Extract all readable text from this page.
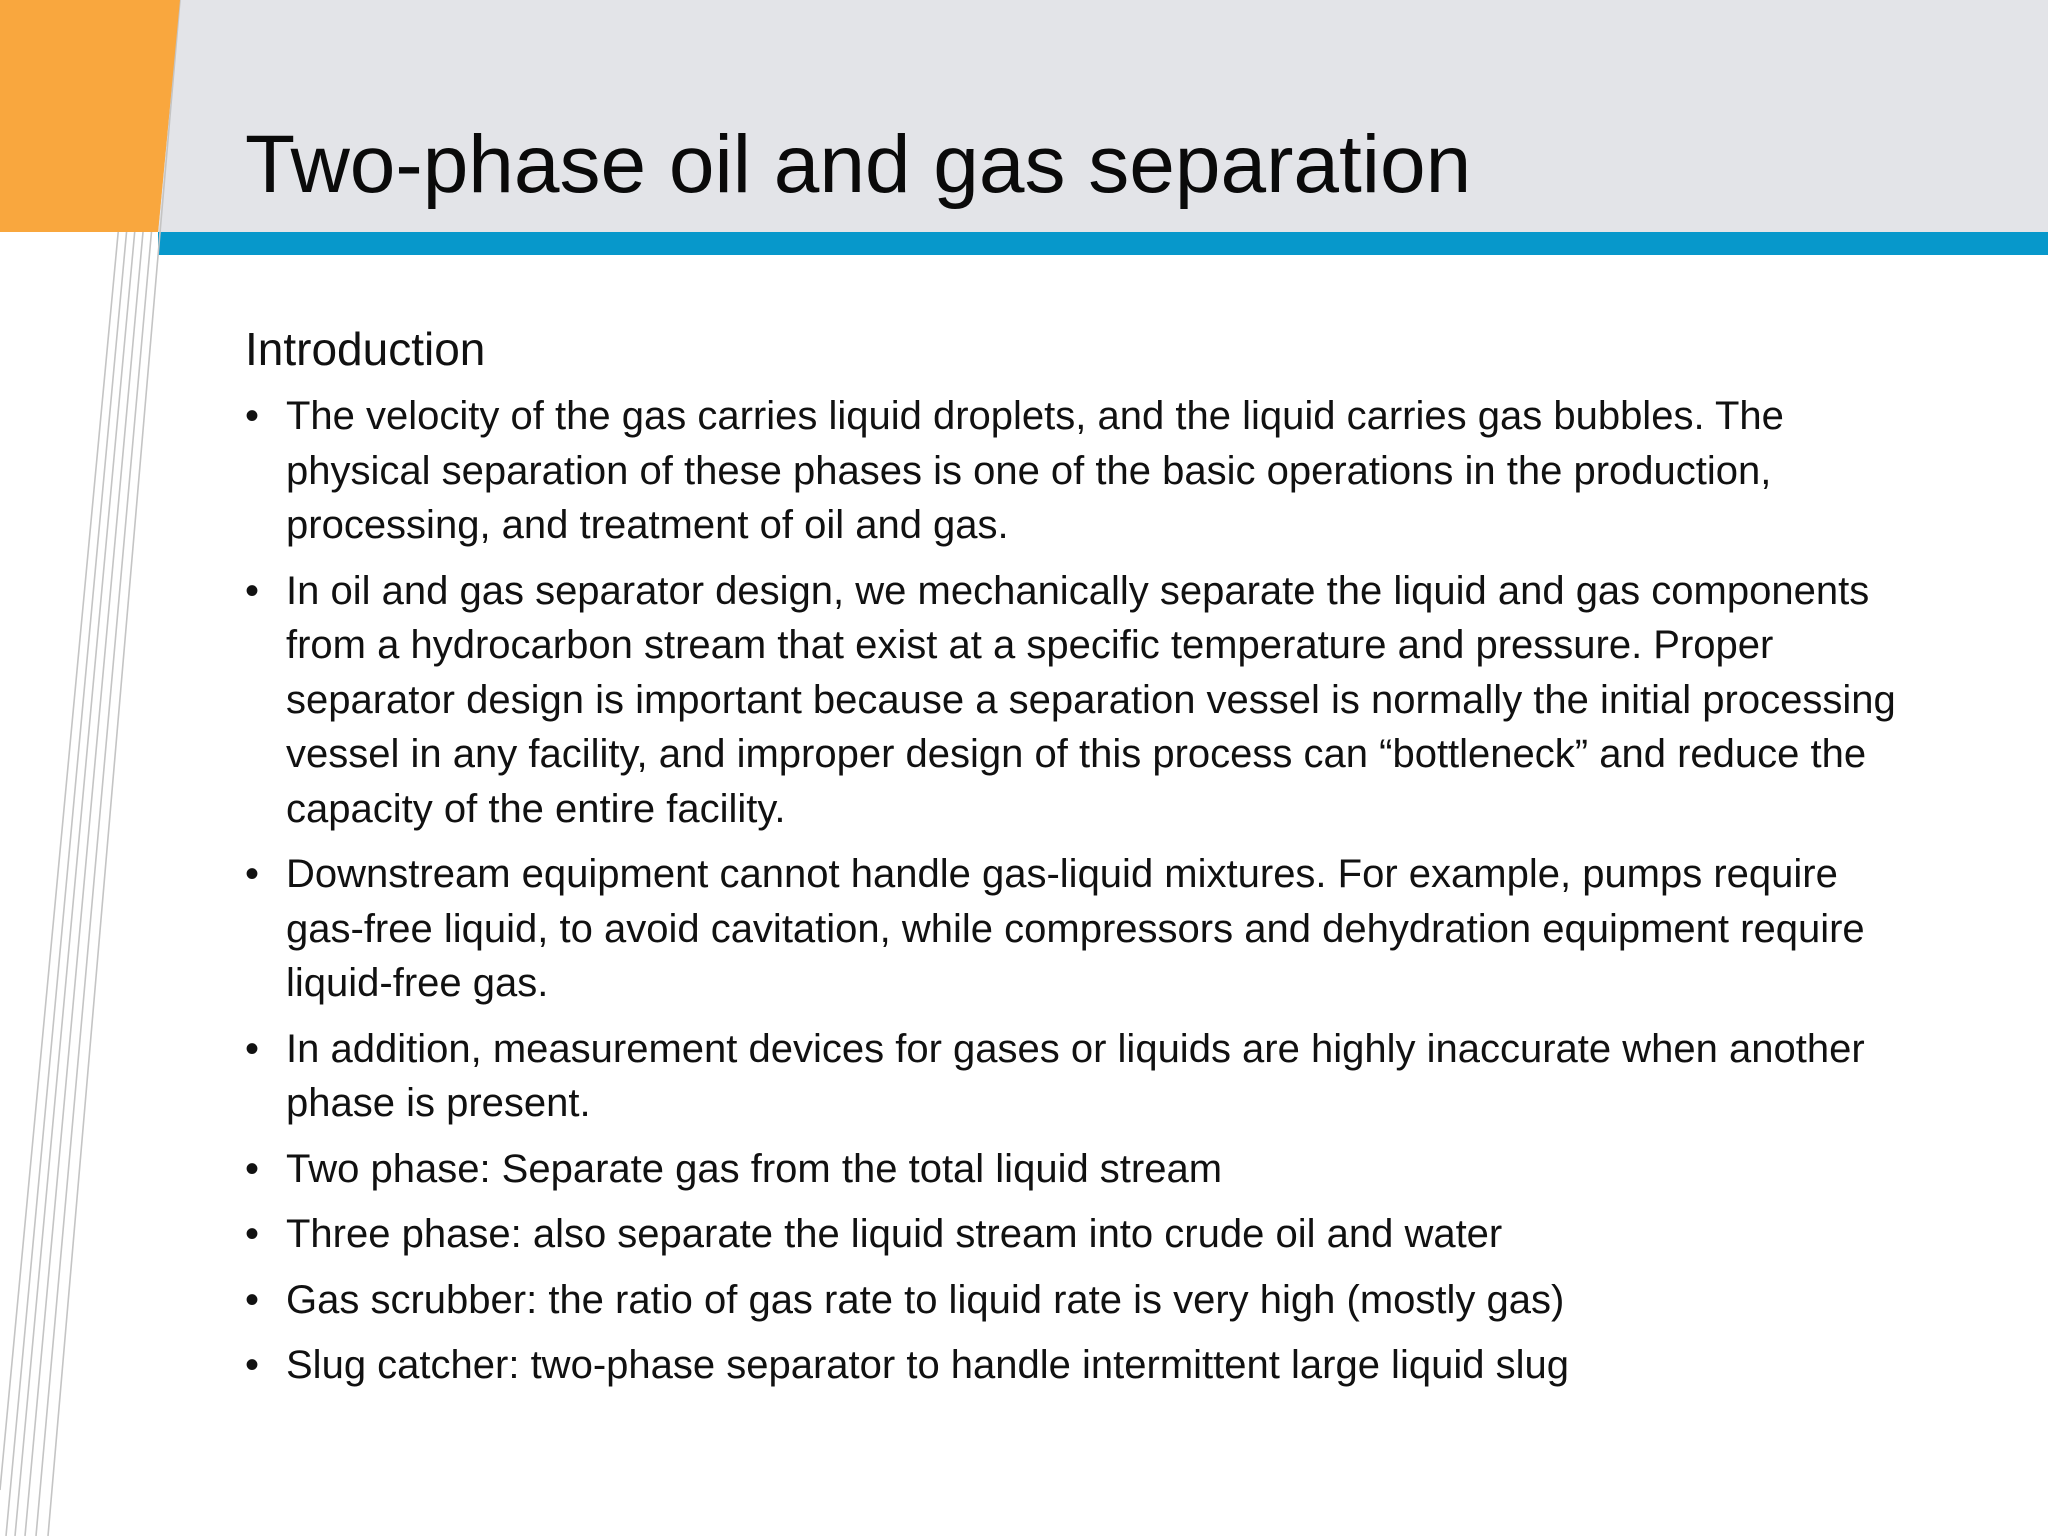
Two-phase oil and gas separation
Introduction
• The velocity of the gas carries liquid droplets, and the liquid carries gas bubbles. The physical separation of these phases is one of the basic operations in the production, processing, and treatment of oil and gas.
• In oil and gas separator design, we mechanically separate the liquid and gas components from a hydrocarbon stream that exist at a specific temperature and pressure. Proper separator design is important because a separation vessel is normally the initial processing vessel in any facility, and improper design of this process can “bottleneck” and reduce the capacity of the entire facility.
• Downstream equipment cannot handle gas-liquid mixtures. For example, pumps require gas-free liquid, to avoid cavitation, while compressors and dehydration equipment require liquid-free gas.
• In addition, measurement devices for gases or liquids are highly inaccurate when another phase is present.
• Two phase: Separate gas from the total liquid stream
• Three phase: also separate the liquid stream into crude oil and water
• Gas scrubber: the ratio of gas rate to liquid rate is very high (mostly gas)
• Slug catcher: two-phase separator to handle intermittent large liquid slug
